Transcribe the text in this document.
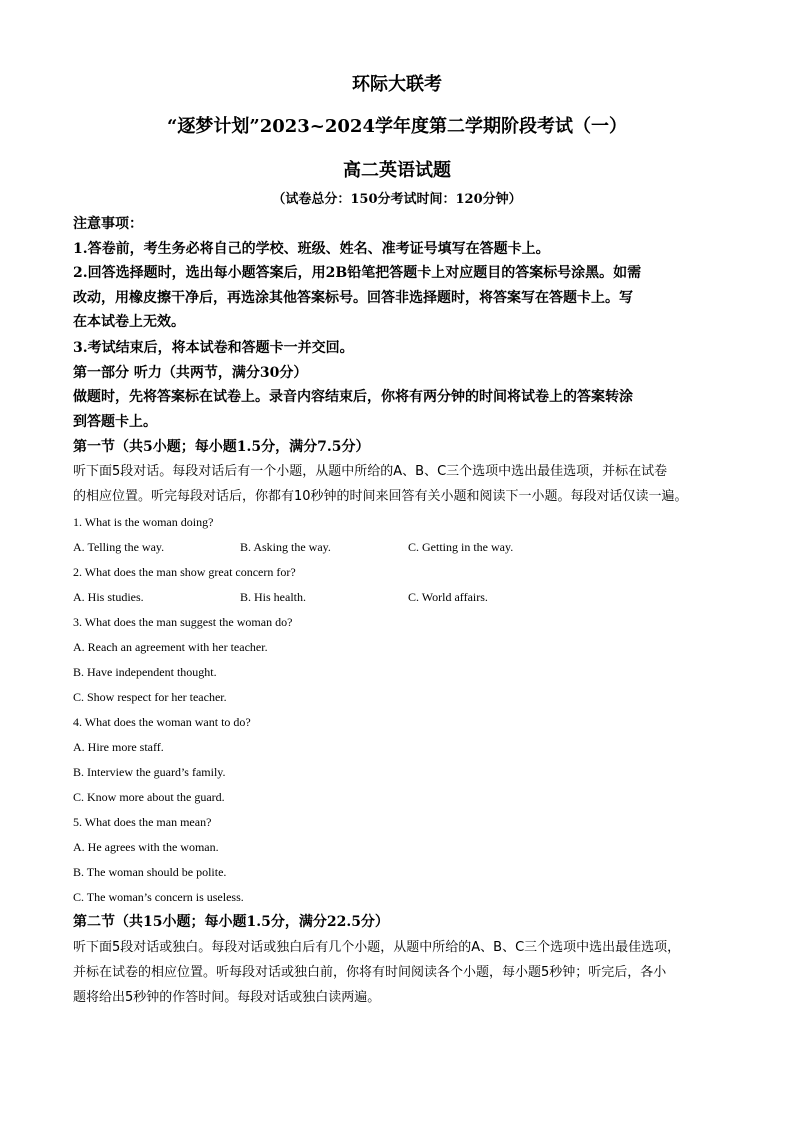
环际大联考
“逐梦计划”2023~2024学年度第二学期阶段考试（一）
高二英语试题
（试卷总分：150分考试时间：120分钟）
注意事项：
1.答卷前，考生务必将自己的学校、班级、姓名、准考证号填写在答题卡上。
2.回答选择题时，选出每小题答案后，用2B铅笔把答题卡上对应题目的答案标号涂黑。如需
改动，用橡皮擦干净后，再选涂其他答案标号。回答非选择题时，将答案写在答题卡上。写
在本试卷上无效。
3.考试结束后，将本试卷和答题卡一并交回。
第一部分 听力（共两节，满分30分）
做题时，先将答案标在试卷上。录音内容结束后，你将有两分钟的时间将试卷上的答案转涂
到答题卡上。
第一节（共5小题；每小题1.5分，满分7.5分）
听下面5段对话。每段对话后有一个小题，从题中所给的A、B、C三个选项中选出最佳选项，并标在试卷
的相应位置。听完每段对话后，你都有10秒钟的时间来回答有关小题和阅读下一小题。每段对话仅读一遍。
1. What is the woman doing?
A. Telling the way.	B. Asking the way.	C. Getting in the way.
2. What does the man show great concern for?
A. His studies.	B. His health.	C. World affairs.
3. What does the man suggest the woman do?
A. Reach an agreement with her teacher.
B. Have independent thought.
C. Show respect for her teacher.
4. What does the woman want to do?
A. Hire more staff.
B. Interview the guard’s family.
C. Know more about the guard.
5. What does the man mean?
A. He agrees with the woman.
B. The woman should be polite.
C. The woman’s concern is useless.
第二节（共15小题；每小题1.5分，满分22.5分）
听下面5段对话或独白。每段对话或独白后有几个小题，从题中所给的A、B、C三个选项中选出最佳选项，
并标在试卷的相应位置。听每段对话或独白前，你将有时间阅读各个小题，每小题5秒钟；听完后，各小
题将给出5秒钟的作答时间。每段对话或独白读两遍。
